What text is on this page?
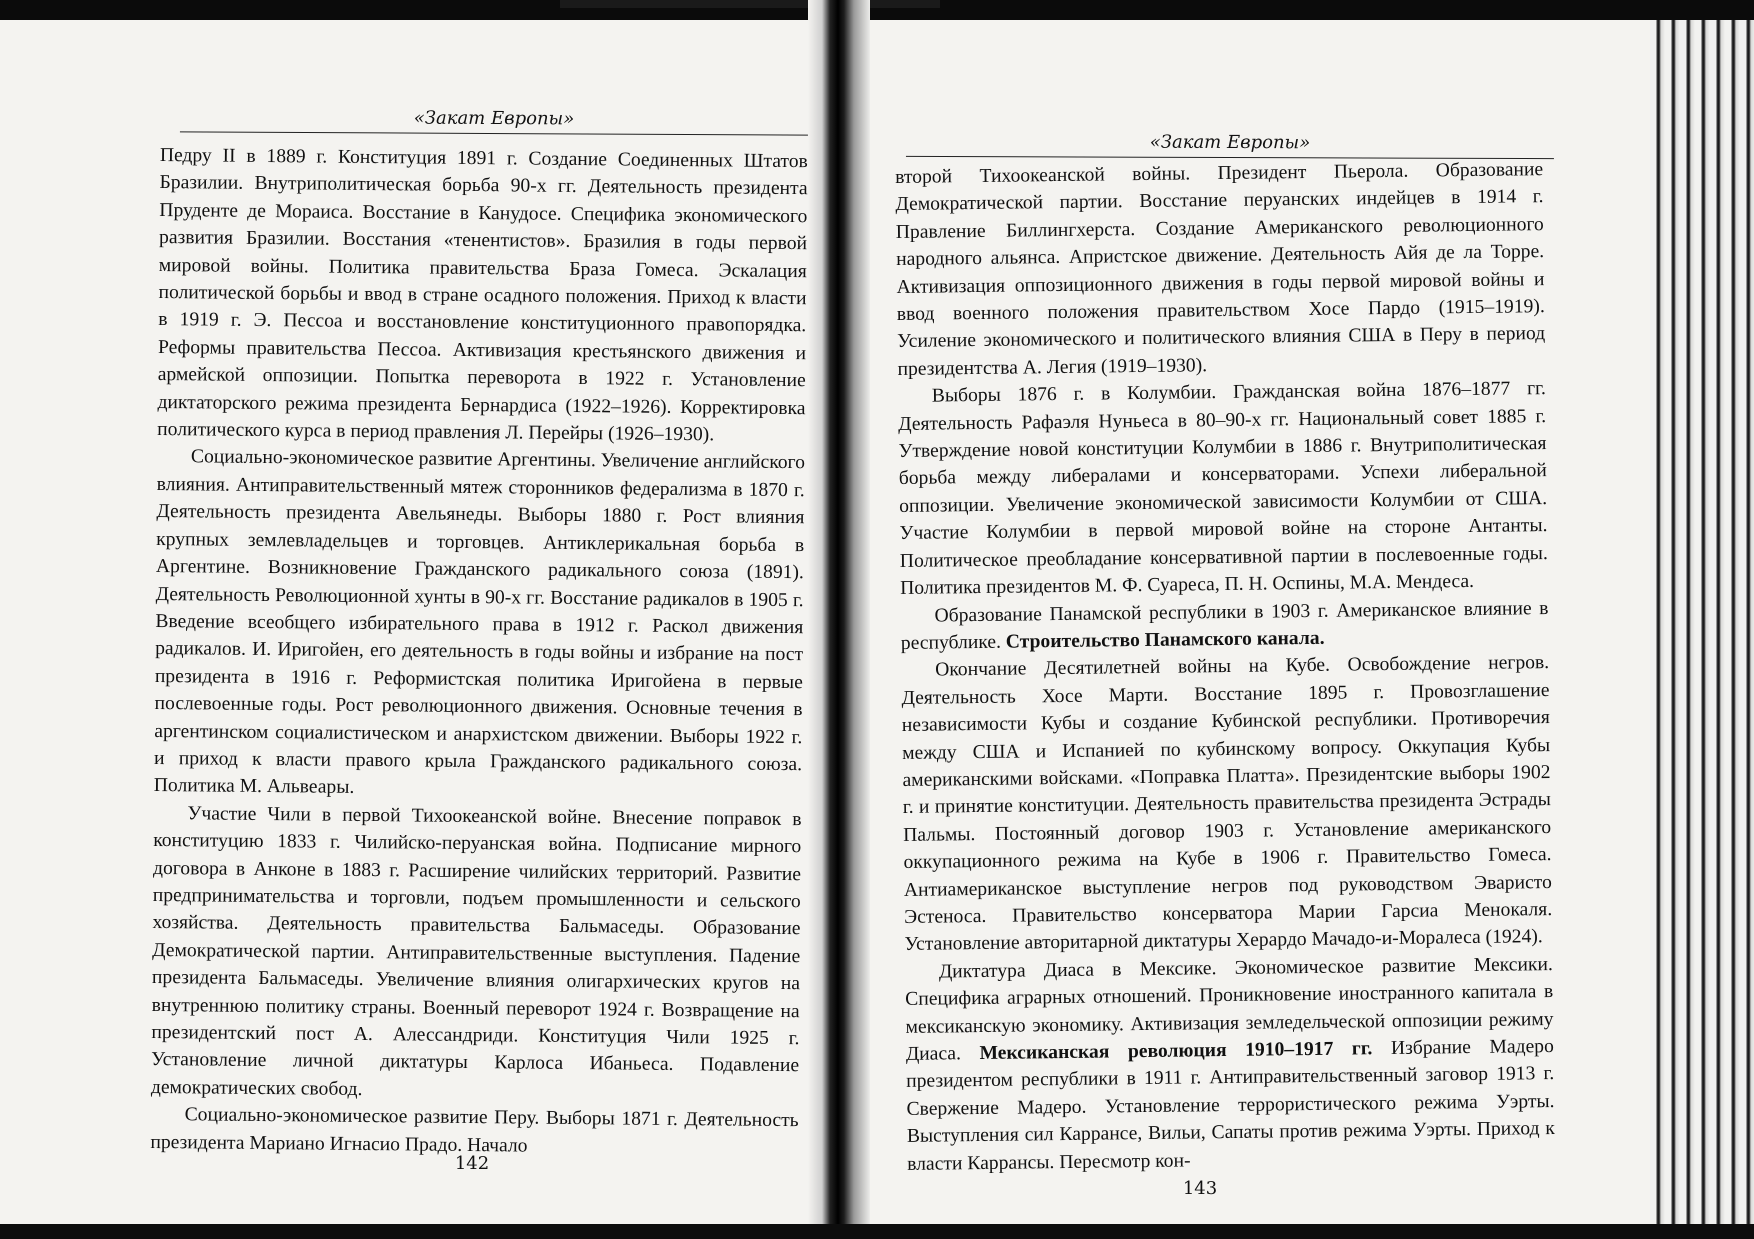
«Закат Европы»

Педру II в 1889 г. Конституция 1891 г. Создание Соединенных Штатов Бразилии. Внутриполитическая борьба 90-х гг. Деятельность президента Пруденте де Мораиса. Восстание в Канудосе. Специфика экономического развития Бразилии. Восстания «тенентистов». Бразилия в годы первой мировой войны. Политика правительства Браза Гомеса. Эскалация политической борьбы и ввод в стране осадного положения. Приход к власти в 1919 г. Э. Пессоа и восстановление конституционного правопорядка. Реформы правительства Пессоа. Активизация крестьянского движения и армейской оппозиции. Попытка переворота в 1922 г. Установление диктаторского режима президента Бернардиса (1922–1926). Корректировка политического курса в период правления Л. Перейры (1926–1930).

Социально-экономическое развитие Аргентины. Увеличение английского влияния. Антиправительственный мятеж сторонников федерализма в 1870 г. Деятельность президента Авельянеды. Выборы 1880 г. Рост влияния крупных землевладельцев и торговцев. Антиклерикальная борьба в Аргентине. Возникновение Гражданского радикального союза (1891). Деятельность Революционной хунты в 90-х гг. Восстание радикалов в 1905 г. Введение всеобщего избирательного права в 1912 г. Раскол движения радикалов. И. Иригойен, его деятельность в годы войны и избрание на пост президента в 1916 г. Реформистская политика Иригойена в первые послевоенные годы. Рост революционного движения. Основные течения в аргентинском социалистическом и анархистском движении. Выборы 1922 г. и приход к власти правого крыла Гражданского радикального союза. Политика М. Альвеары.

Участие Чили в первой Тихоокеанской войне. Внесение поправок в конституцию 1833 г. Чилийско-перуанская война. Подписание мирного договора в Анконе в 1883 г. Расширение чилийских территорий. Развитие предпринимательства и торговли, подъем промышленности и сельского хозяйства. Деятельность правительства Бальмаседы. Образование Демократической партии. Антиправительственные выступления. Падение президента Бальмаседы. Увеличение влияния олигархических кругов на внутреннюю политику страны. Военный переворот 1924 г. Возвращение на президентский пост А. Алессандриди. Конституция Чили 1925 г. Установление личной диктатуры Карлоса Ибаньеса. Подавление демократических свобод.

Социально-экономическое развитие Перу. Выборы 1871 г. Деятельность президента Мариано Игнасио Прадо. Начало

142
«Закат Европы»

второй Тихоокеанской войны. Президент Пьерола. Образование Демократической партии. Восстание перуанских индейцев в 1914 г. Правление Биллингхерста. Создание Американского революционного народного альянса. Апристское движение. Деятельность Айя де ла Торре. Активизация оппозиционного движения в годы первой мировой войны и ввод военного положения правительством Хосе Пардо (1915–1919). Усиление экономического и политического влияния США в Перу в период президентства А. Легия (1919–1930).

Выборы 1876 г. в Колумбии. Гражданская война 1876–1877 гг. Деятельность Рафаэля Нуньеса в 80–90-х гг. Национальный совет 1885 г. Утверждение новой конституции Колумбии в 1886 г. Внутриполитическая борьба между либералами и консерваторами. Успехи либеральной оппозиции. Увеличение экономической зависимости Колумбии от США. Участие Колумбии в первой мировой войне на стороне Антанты. Политическое преобладание консервативной партии в послевоенные годы. Политика президентов М. Ф. Суареса, П. Н. Оспины, М.А. Мендеса.

Образование Панамской республики в 1903 г. Американское влияние в республике. Строительство Панамского канала.

Окончание Десятилетней войны на Кубе. Освобождение негров. Деятельность Хосе Марти. Восстание 1895 г. Провозглашение независимости Кубы и создание Кубинской республики. Противоречия между США и Испанией по кубинскому вопросу. Оккупация Кубы американскими войсками. «Поправка Платта». Президентские выборы 1902 г. и принятие конституции. Деятельность правительства президента Эстрады Пальмы. Постоянный договор 1903 г. Установление американского оккупационного режима на Кубе в 1906 г. Правительство Гомеса. Антиамериканское выступление негров под руководством Эваристо Эстеноса. Правительство консерватора Марии Гарсиа Менокаля. Установление авторитарной диктатуры Херардо Мачадо-и-Моралеса (1924).

Диктатура Диаса в Мексике. Экономическое развитие Мексики. Специфика аграрных отношений. Проникновение иностранного капитала в мексиканскую экономику. Активизация земледельческой оппозиции режиму Диаса. Мексиканская революция 1910–1917 гг. Избрание Мадеро президентом республики в 1911 г. Антиправительственный заговор 1913 г. Свержение Мадеро. Установление террористического режима Уэрты. Выступления сил Каррансе, Вильи, Сапаты против режима Уэрты. Приход к власти Каррансы. Пересмотр кон-

143
